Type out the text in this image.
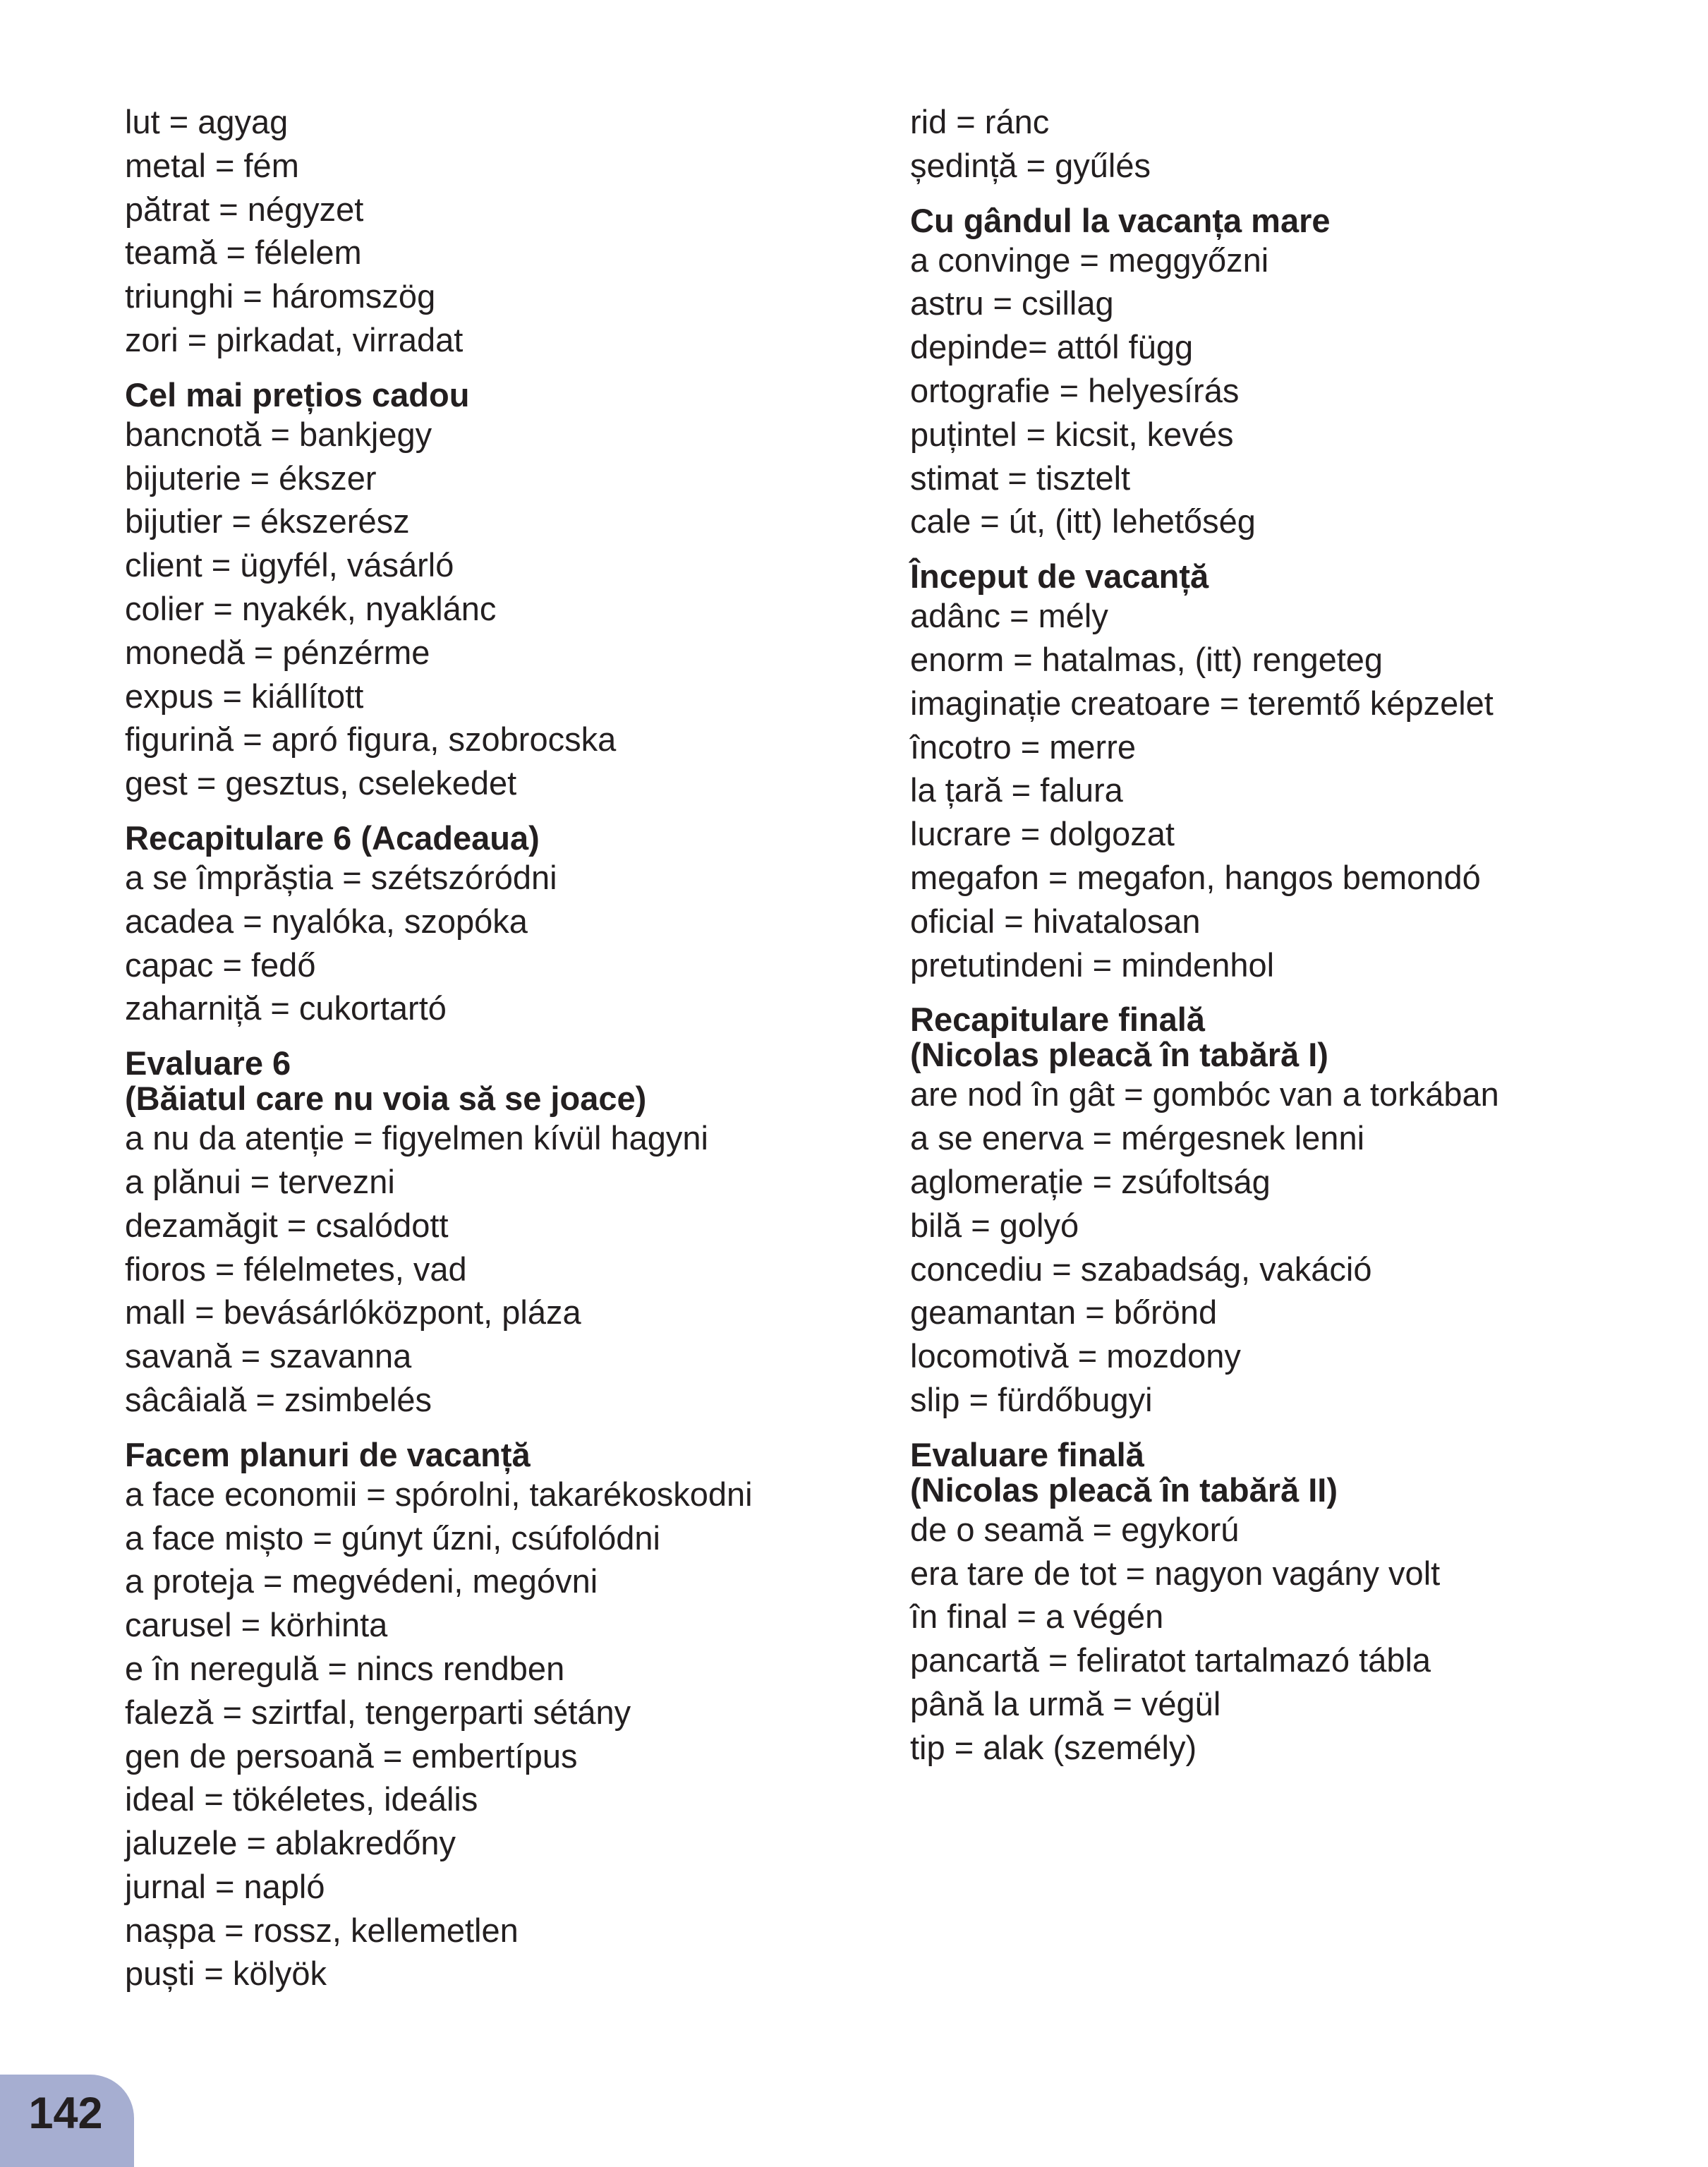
lut = agyag
metal = fém
pătrat = négyzet
teamă = félelem
triunghi = háromszög
zori = pirkadat, virradat
Cel mai prețios cadou
bancnotă = bankjegy
bijuterie = ékszer
bijutier = ékszerész
client = ügyfél, vásárló
colier = nyakék, nyaklánc
monedă = pénzérme
expus = kiállított
figurină = apró figura, szobrocska
gest = gesztus, cselekedet
Recapitulare 6 (Acadeaua)
a se împrăștia = szétszóródni
acadea = nyalóka, szopóka
capac = fedő
zaharniță = cukortartó
Evaluare 6
(Băiatul care nu voia să se joace)
a nu da atenție = figyelmen kívül hagyni
a plănui = tervezni
dezamăgit = csalódott
fioros = félelmetes, vad
mall = bevásárlóközpont, pláza
savană = szavanna
sâcâială = zsimbelés
Facem planuri de vacanță
a face economii = spórolni, takarékoskodni
a face mișto = gúnyt űzni, csúfolódni
a proteja = megvédeni, megóvni
carusel = körhinta
e în neregulă = nincs rendben
faleză = szirtfal, tengerparti sétány
gen de persoană = embertípus
ideal = tökéletes, ideális
jaluzele = ablakredőny
jurnal = napló
nașpa = rossz, kellemetlen
puști = kölyök
rid = ránc
ședință = gyűlés
Cu gândul la vacanța mare
a convinge = meggyőzni
astru = csillag
depinde= attól függ
ortografie = helyesírás
puțintel = kicsit, kevés
stimat = tisztelt
cale = út, (itt) lehetőség
Început de vacanță
adânc = mély
enorm = hatalmas, (itt) rengeteg
imaginație creatoare = teremtő képzelet
încotro = merre
la țară = falura
lucrare = dolgozat
megafon = megafon, hangos bemondó
oficial = hivatalosan
pretutindeni = mindenhol
Recapitulare finală
(Nicolas pleacă în tabără I)
are nod în gât = gombóc van a torkában
a se enerva = mérgesnek lenni
aglomerație = zsúfoltság
bilă = golyó
concediu = szabadság, vakáció
geamantan = bőrönd
locomotivă = mozdony
slip = fürdőbugyi
Evaluare finală
(Nicolas pleacă în tabără II)
de o seamă = egykorú
era tare de tot = nagyon vagány volt
în final = a végén
pancartă = feliratot tartalmazó tábla
până la urmă = végül
tip = alak (személy)
142
